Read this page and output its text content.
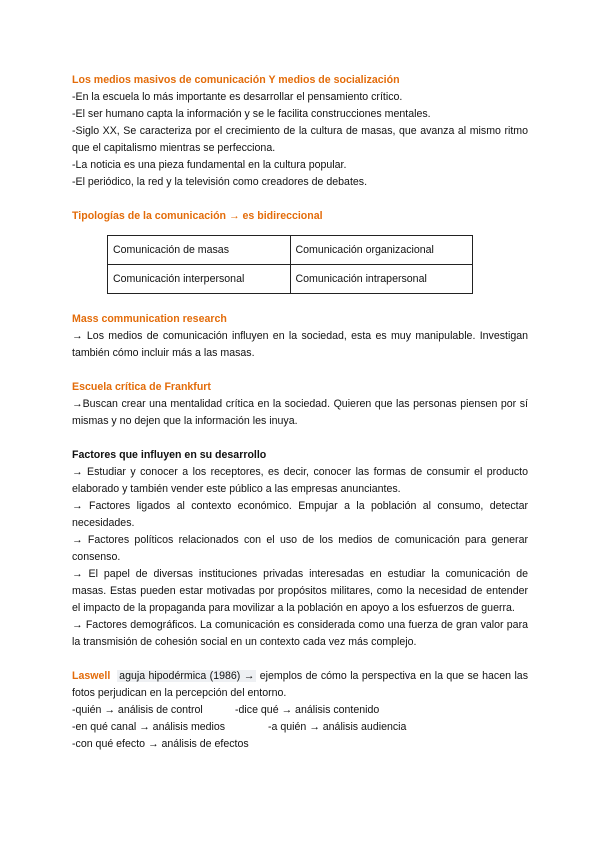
Los medios masivos de comunicación Y medios de socialización

-En la escuela lo más importante es desarrollar el pensamiento crítico.

-El ser humano capta la información y se le facilita construcciones mentales.

-Siglo XX, Se caracteriza por el crecimiento de la cultura de masas, que avanza al mismo ritmo que el capitalismo mientras se perfecciona.

-La noticia es una pieza fundamental en la cultura popular.

-El periódico, la red y la televisión como creadores de debates.

Tipologías de la comunicación → es bidireccional
Comunicación de masas	Comunicación organizacional
Comunicación interpersonal	Comunicación intrapersonal
Mass communication research

→ Los medios de comunicación influyen en la sociedad, esta es muy manipulable. Investigan también cómo incluir más a las masas.

Escuela crítica de Frankfurt

→Buscan crear una mentalidad crítica en la sociedad. Quieren que las personas piensen por sí mismas y no dejen que la información les inuya.

Factores que influyen en su desarrollo

→ Estudiar y conocer a los receptores, es decir, conocer las formas de consumir el producto elaborado y también vender este público a las empresas anunciantes.

→ Factores ligados al contexto económico. Empujar a la población al consumo, detectar necesidades.

→ Factores políticos relacionados con el uso de los medios de comunicación para generar consenso.

→ El papel de diversas instituciones privadas interesadas en estudiar la comunicación de masas. Estas pueden estar motivadas por propósitos militares, como la necesidad de entender el impacto de la propaganda para movilizar a la población en apoyo a los esfuerzos de guerra.

→ Factores demográficos. La comunicación es considerada como una fuerza de gran valor para la transmisión de cohesión social en un contexto cada vez más complejo.

Laswell aguja hipodérmica (1986) → ejemplos de cómo la perspectiva en la que se hacen las fotos perjudican en la percepción del entorno.

-quién → análisis de control	-dice qué → análisis contenido
-en qué canal → análisis medios	-a quién → análisis audiencia
-con qué efecto → análisis de efectos
